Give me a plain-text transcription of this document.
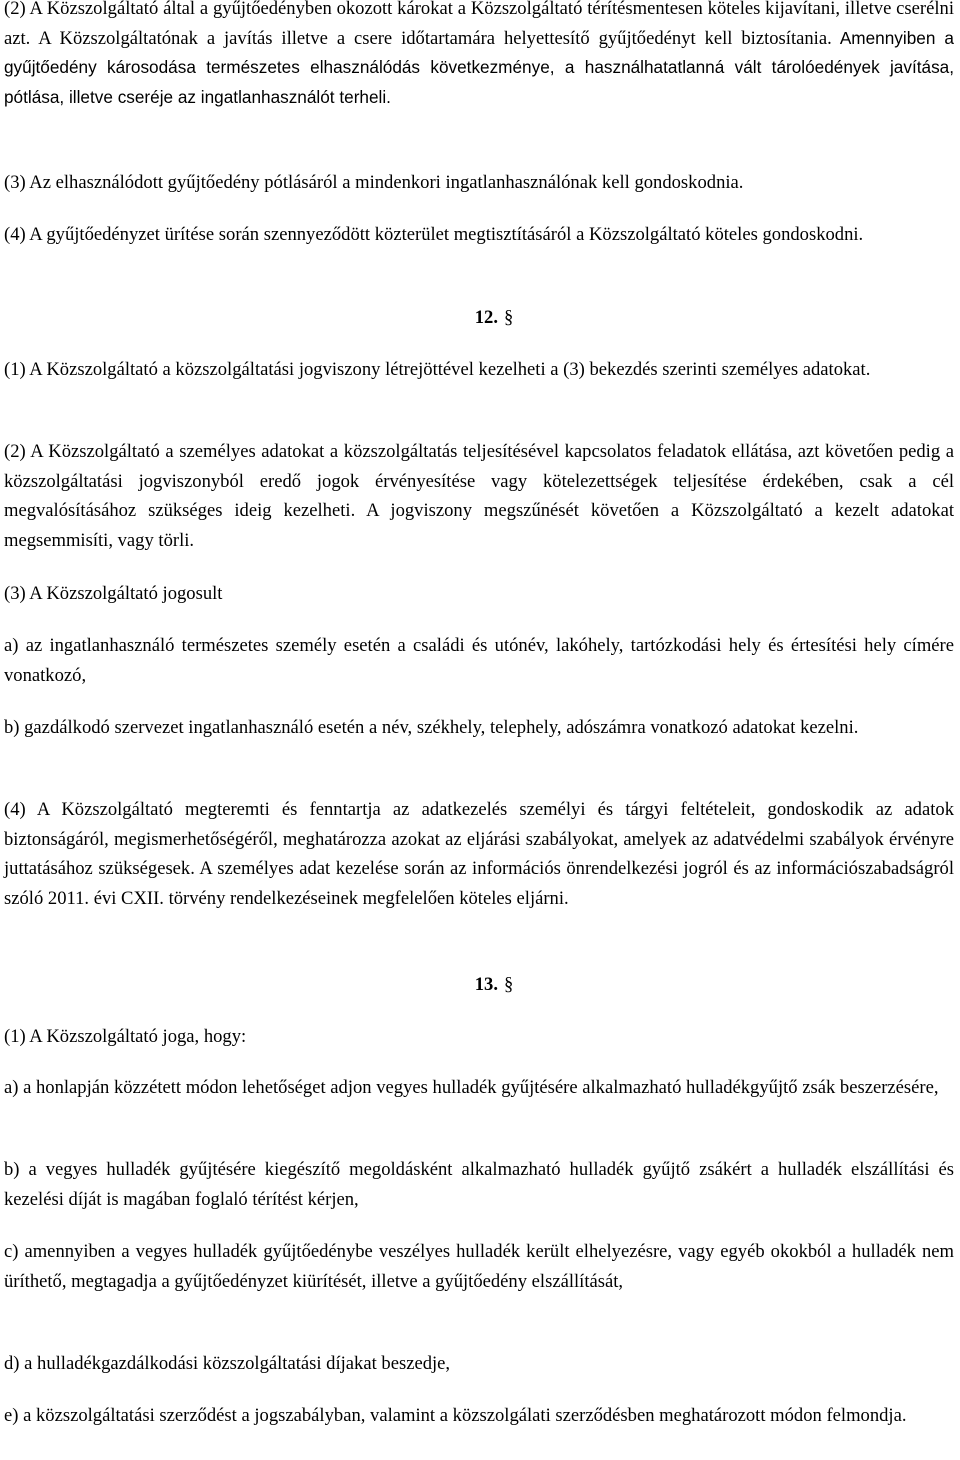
(2) A Közszolgáltató által a gyűjtőedényben okozott károkat a Közszolgáltató térítésmentesen köteles kijavítani, illetve cserélni azt. A Közszolgáltatónak a javítás illetve a csere időtartamára helyettesítő gyűjtőedényt kell biztosítania. Amennyiben a gyűjtőedény károsodása természetes elhasználódás következménye, a használhatatlanná vált tárolóedények javítása, pótlása, illetve cseréje az ingatlanhasználót terheli.

(3) Az elhasználódott gyűjtőedény pótlásáról a mindenkori ingatlanhasználónak kell gondoskodnia.

(4) A gyűjtőedényzet ürítése során szennyeződött közterület megtisztításáról a Közszolgáltató köteles gondoskodni.

12. §

(1) A Közszolgáltató a közszolgáltatási jogviszony létrejöttével kezelheti a (3) bekezdés szerinti személyes adatokat.

(2) A Közszolgáltató a személyes adatokat a közszolgáltatás teljesítésével kapcsolatos feladatok ellátása, azt követően pedig a közszolgáltatási jogviszonyból eredő jogok érvényesítése vagy kötelezettségek teljesítése érdekében, csak a cél megvalósításához szükséges ideig kezelheti. A jogviszony megszűnését követően a Közszolgáltató a kezelt adatokat megsemmisíti, vagy törli.

(3) A Közszolgáltató jogosult

a) az ingatlanhasználó természetes személy esetén a családi és utónév, lakóhely, tartózkodási hely és értesítési hely címére vonatkozó,

b) gazdálkodó szervezet ingatlanhasználó esetén a név, székhely, telephely, adószámra vonatkozó adatokat kezelni.

(4) A Közszolgáltató megteremti és fenntartja az adatkezelés személyi és tárgyi feltételeit, gondoskodik az adatok biztonságáról, megismerhetőségéről, meghatározza azokat az eljárási szabályokat, amelyek az adatvédelmi szabályok érvényre juttatásához szükségesek. A személyes adat kezelése során az információs önrendelkezési jogról és az információszabadságról szóló 2011. évi CXII. törvény rendelkezéseinek megfelelően köteles eljárni.

13. §

(1) A Közszolgáltató joga, hogy:

a) a honlapján közzétett módon lehetőséget adjon vegyes hulladék gyűjtésére alkalmazható hulladékgyűjtő zsák beszerzésére,

b) a vegyes hulladék gyűjtésére kiegészítő megoldásként alkalmazható hulladék gyűjtő zsákért a hulladék elszállítási és kezelési díját is magában foglaló térítést kérjen,

c) amennyiben a vegyes hulladék gyűjtőedénybe veszélyes hulladék került elhelyezésre, vagy egyéb okokból a hulladék nem üríthető, megtagadja a gyűjtőedényzet kiürítését, illetve a gyűjtőedény elszállítását,

d) a hulladékgazdálkodási közszolgáltatási díjakat beszedje,

e) a közszolgáltatási szerződést a jogszabályban, valamint a közszolgálati szerződésben meghatározott módon felmondja.
